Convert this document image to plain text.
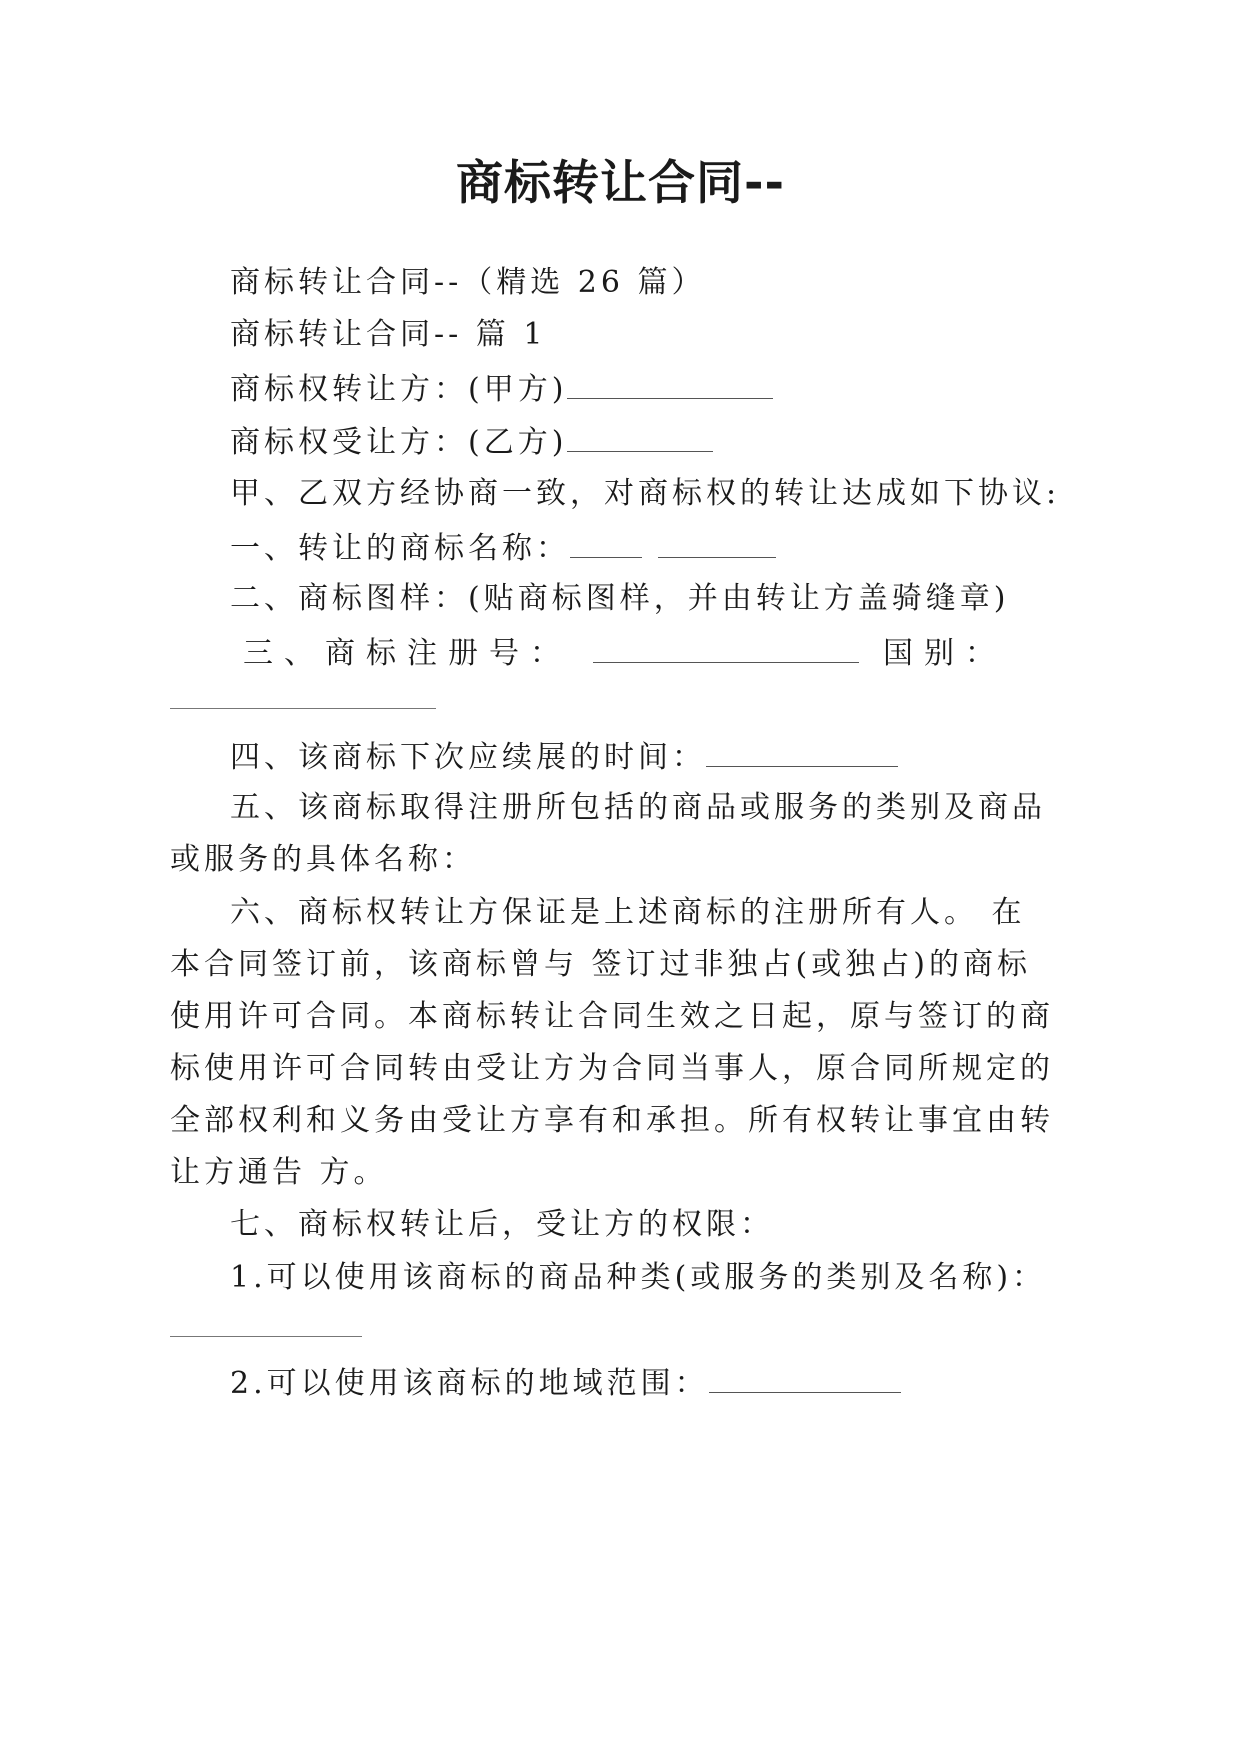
商标转让合同--
商标转让合同--（精选 26 篇）
商标转让合同-- 篇 1
商标权转让方：(甲方)
商标权受让方：(乙方)
甲、乙双方经协商一致，对商标权的转让达成如下协议:
一、转让的商标名称：
二、商标图样：(贴商标图样，并由转让方盖骑缝章)
三、商标注册号：	国别：
四、该商标下次应续展的时间：
五、该商标取得注册所包括的商品或服务的类别及商品
或服务的具体名称：
六、商标权转让方保证是上述商标的注册所有人。 在
本合同签订前，该商标曾与 签订过非独占(或独占)的商标
使用许可合同。本商标转让合同生效之日起，原与签订的商
标使用许可合同转由受让方为合同当事人，原合同所规定的
全部权利和义务由受让方享有和承担。所有权转让事宜由转
让方通告 方。
七、商标权转让后，受让方的权限：
1.可以使用该商标的商品种类(或服务的类别及名称)：
2.可以使用该商标的地域范围：
